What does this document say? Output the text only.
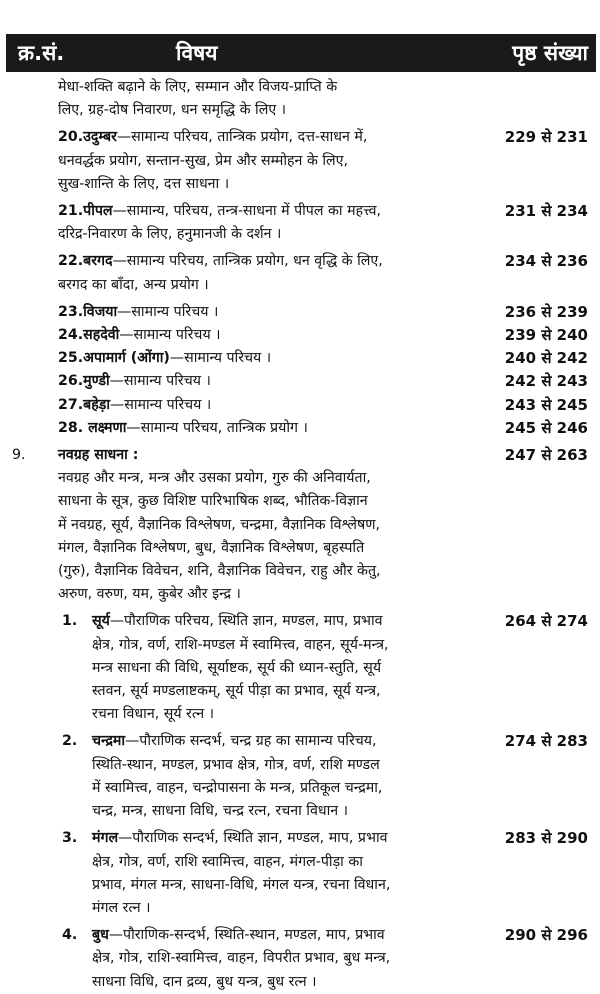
क्र.सं.	विषय	पृष्ठ संख्या
मेधा-शक्ति बढ़ाने के लिए, सम्मान और विजय-प्राप्ति के
लिए, ग्रह-दोष निवारण, धन समृद्धि के लिए ।
20.उदुम्बर—सामान्य परिचय, तान्त्रिक प्रयोग, दत्त-साधन में,
धनवर्द्धक प्रयोग, सन्तान-सुख, प्रेम और सम्मोहन के लिए,
सुख-शान्ति के लिए, दत्त साधना ।
229 से 231
21.पीपल—सामान्य, परिचय, तन्त्र-साधना में पीपल का महत्त्व,
दरिद्र-निवारण के लिए, हनुमानजी के दर्शन ।
231 से 234
22.बरगद—सामान्य परिचय, तान्त्रिक प्रयोग, धन वृद्धि के लिए,
बरगद का बाँदा, अन्य प्रयोग ।
234 से 236
23.विजया—सामान्य परिचय ।	236 से 239
24.सहदेवी—सामान्य परिचय ।	239 से 240
25.अपामार्ग (ओंगा)—सामान्य परिचय ।	240 से 242
26.मुण्डी—सामान्य परिचय ।	242 से 243
27.बहेड़ा—सामान्य परिचय ।	243 से 245
28. लक्ष्मणा—सामान्य परिचय, तान्त्रिक प्रयोग ।	245 से 246
9. नवग्रह साधना :
नवग्रह और मन्त्र, मन्त्र और उसका प्रयोग, गुरु की अनिवार्यता,
साधना के सूत्र, कुछ विशिष्ट पारिभाषिक शब्द, भौतिक-विज्ञान
में नवग्रह, सूर्य, वैज्ञानिक विश्लेषण, चन्द्रमा, वैज्ञानिक विश्लेषण,
मंगल, वैज्ञानिक विश्लेषण, बुध, वैज्ञानिक विश्लेषण, बृहस्पति
(गुरु), वैज्ञानिक विवेचन, शनि, वैज्ञानिक विवेचन, राहु और केतु,
अरुण, वरुण, यम, कुबेर और इन्द्र ।
247 से 263
1. सूर्य—पौराणिक परिचय, स्थिति ज्ञान, मण्डल, माप, प्रभाव
क्षेत्र, गोत्र, वर्ण, राशि-मण्डल में स्वामित्त्व, वाहन, सूर्य-मन्त्र,
मन्त्र साधना की विधि, सूर्याष्टक, सूर्य की ध्यान-स्तुति, सूर्य
स्तवन, सूर्य मण्डलाष्टकम्, सूर्य पीड़ा का प्रभाव, सूर्य यन्त्र,
रचना विधान, सूर्य रत्न ।
264 से 274
2. चन्द्रमा—पौराणिक सन्दर्भ, चन्द्र ग्रह का सामान्य परिचय,
स्थिति-स्थान, मण्डल, प्रभाव क्षेत्र, गोत्र, वर्ण, राशि मण्डल
में स्वामित्त्व, वाहन, चन्द्रोपासना के मन्त्र, प्रतिकूल चन्द्रमा,
चन्द्र, मन्त्र, साधना विधि, चन्द्र रत्न, रचना विधान ।
274 से 283
3. मंगल—पौराणिक सन्दर्भ, स्थिति ज्ञान, मण्डल, माप, प्रभाव
क्षेत्र, गोत्र, वर्ण, राशि स्वामित्त्व, वाहन, मंगल-पीड़ा का
प्रभाव, मंगल मन्त्र, साधना-विधि, मंगल यन्त्र, रचना विधान,
मंगल रत्न ।
283 से 290
4. बुध—पौराणिक-सन्दर्भ, स्थिति-स्थान, मण्डल, माप, प्रभाव
क्षेत्र, गोत्र, राशि-स्वामित्त्व, वाहन, विपरीत प्रभाव, बुध मन्त्र,
साधना विधि, दान द्रव्य, बुध यन्त्र, बुध रत्न ।
290 से 296
